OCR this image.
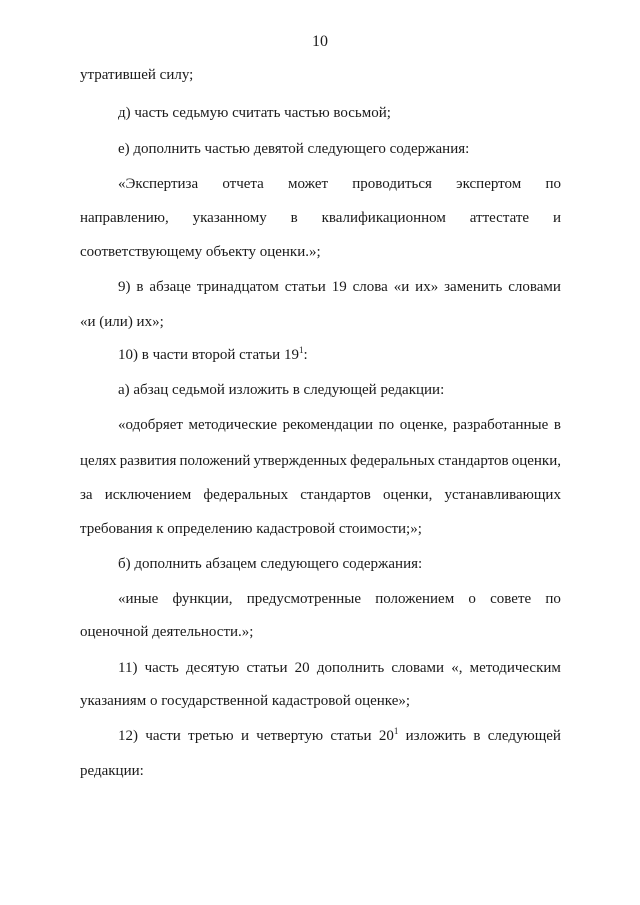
10
утратившей силу;
д) часть седьмую считать частью восьмой;
е) дополнить частью девятой следующего содержания:
«Экспертиза отчета может проводиться экспертом по
направлению, указанному в квалификационном аттестате и
соответствующему объекту оценки.»;
9) в абзаце тринадцатом статьи 19 слова «и их» заменить словами
«и (или) их»;
10) в части второй статьи $19^1$:
а) абзац седьмой изложить в следующей редакции:
«одобряет методические рекомендации по оценке, разработанные в
целях развития положений утвержденных федеральных стандартов оценки,
за исключением федеральных стандартов оценки, устанавливающих
требования к определению кадастровой стоимости;»;
б) дополнить абзацем следующего содержания:
«иные функции, предусмотренные положением о совете по
оценочной деятельности.»;
11) часть десятую статьи 20 дополнить словами «, методическим
указаниям о государственной кадастровой оценке»;
12) части третью и четвертую статьи $20^1$ изложить в следующей
редакции:
